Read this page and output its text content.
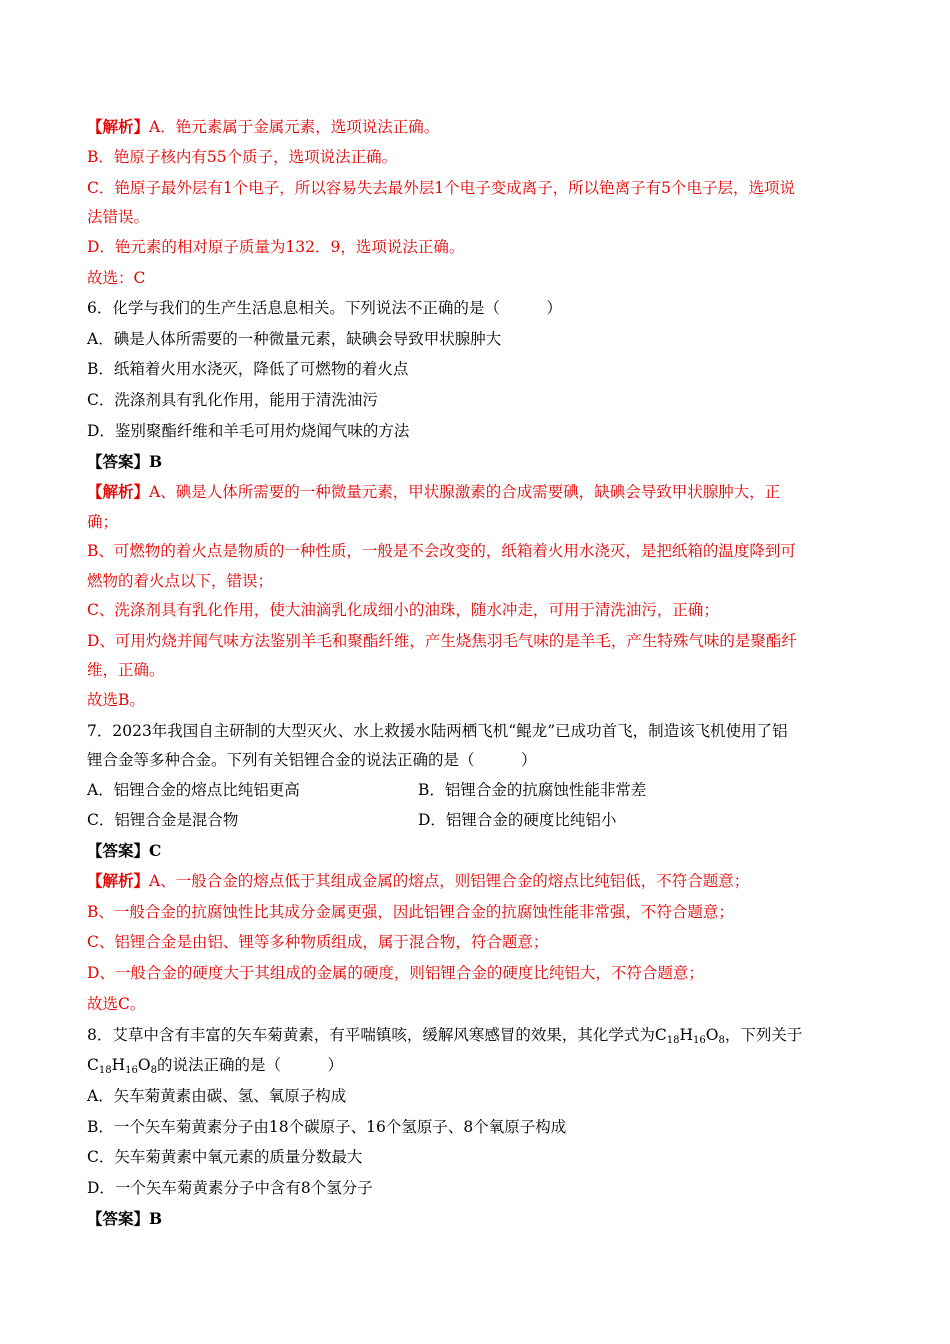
【解析】A．铯元素属于金属元素，选项说法正确。
B．铯原子核内有55个质子，选项说法正确。
C．铯原子最外层有1个电子，所以容易失去最外层1个电子变成离子，所以铯离子有5个电子层，选项说
法错误。
D．铯元素的相对原子质量为132．9，选项说法正确。
故选：C
6．化学与我们的生产生活息息相关。下列说法不正确的是（　　　）
A．碘是人体所需要的一种微量元素，缺碘会导致甲状腺肿大
B．纸箱着火用水浇灭，降低了可燃物的着火点
C．洗涤剂具有乳化作用，能用于清洗油污
D．鉴别聚酯纤维和羊毛可用灼烧闻气味的方法
【答案】B
【解析】A、碘是人体所需要的一种微量元素，甲状腺激素的合成需要碘，缺碘会导致甲状腺肿大，正
确；
B、可燃物的着火点是物质的一种性质，一般是不会改变的，纸箱着火用水浇灭，是把纸箱的温度降到可
燃物的着火点以下，错误；
C、洗涤剂具有乳化作用，使大油滴乳化成细小的油珠，随水冲走，可用于清洗油污，正确；
D、可用灼烧并闻气味方法鉴别羊毛和聚酯纤维，产生烧焦羽毛气味的是羊毛，产生特殊气味的是聚酯纤
维，正确。
故选B。
7．2023年我国自主研制的大型灭火、水上救援水陆两栖飞机“鲲龙”已成功首飞，制造该飞机使用了铝
锂合金等多种合金。下列有关铝锂合金的说法正确的是（　　　）
A．铝锂合金的熔点比纯铝更高	B．铝锂合金的抗腐蚀性能非常差
C．铝锂合金是混合物	D．铝锂合金的硬度比纯铝小
【答案】C
【解析】A、一般合金的熔点低于其组成金属的熔点，则铝锂合金的熔点比纯铝低，不符合题意；
B、一般合金的抗腐蚀性比其成分金属更强，因此铝锂合金的抗腐蚀性能非常强，不符合题意；
C、铝锂合金是由铝、锂等多种物质组成，属于混合物，符合题意；
D、一般合金的硬度大于其组成的金属的硬度，则铝锂合金的硬度比纯铝大，不符合题意；
故选C。
8．艾草中含有丰富的矢车菊黄素，有平喘镇咳，缓解风寒感冒的效果，其化学式为$C_{18}H_{16}O_8$，下列关于
$C_{18}H_{16}O_8$的说法正确的是（　　　）
A．矢车菊黄素由碳、氢、氧原子构成
B．一个矢车菊黄素分子由18个碳原子、16个氢原子、8个氧原子构成
C．矢车菊黄素中氧元素的质量分数最大
D．一个矢车菊黄素分子中含有8个氢分子
【答案】B
